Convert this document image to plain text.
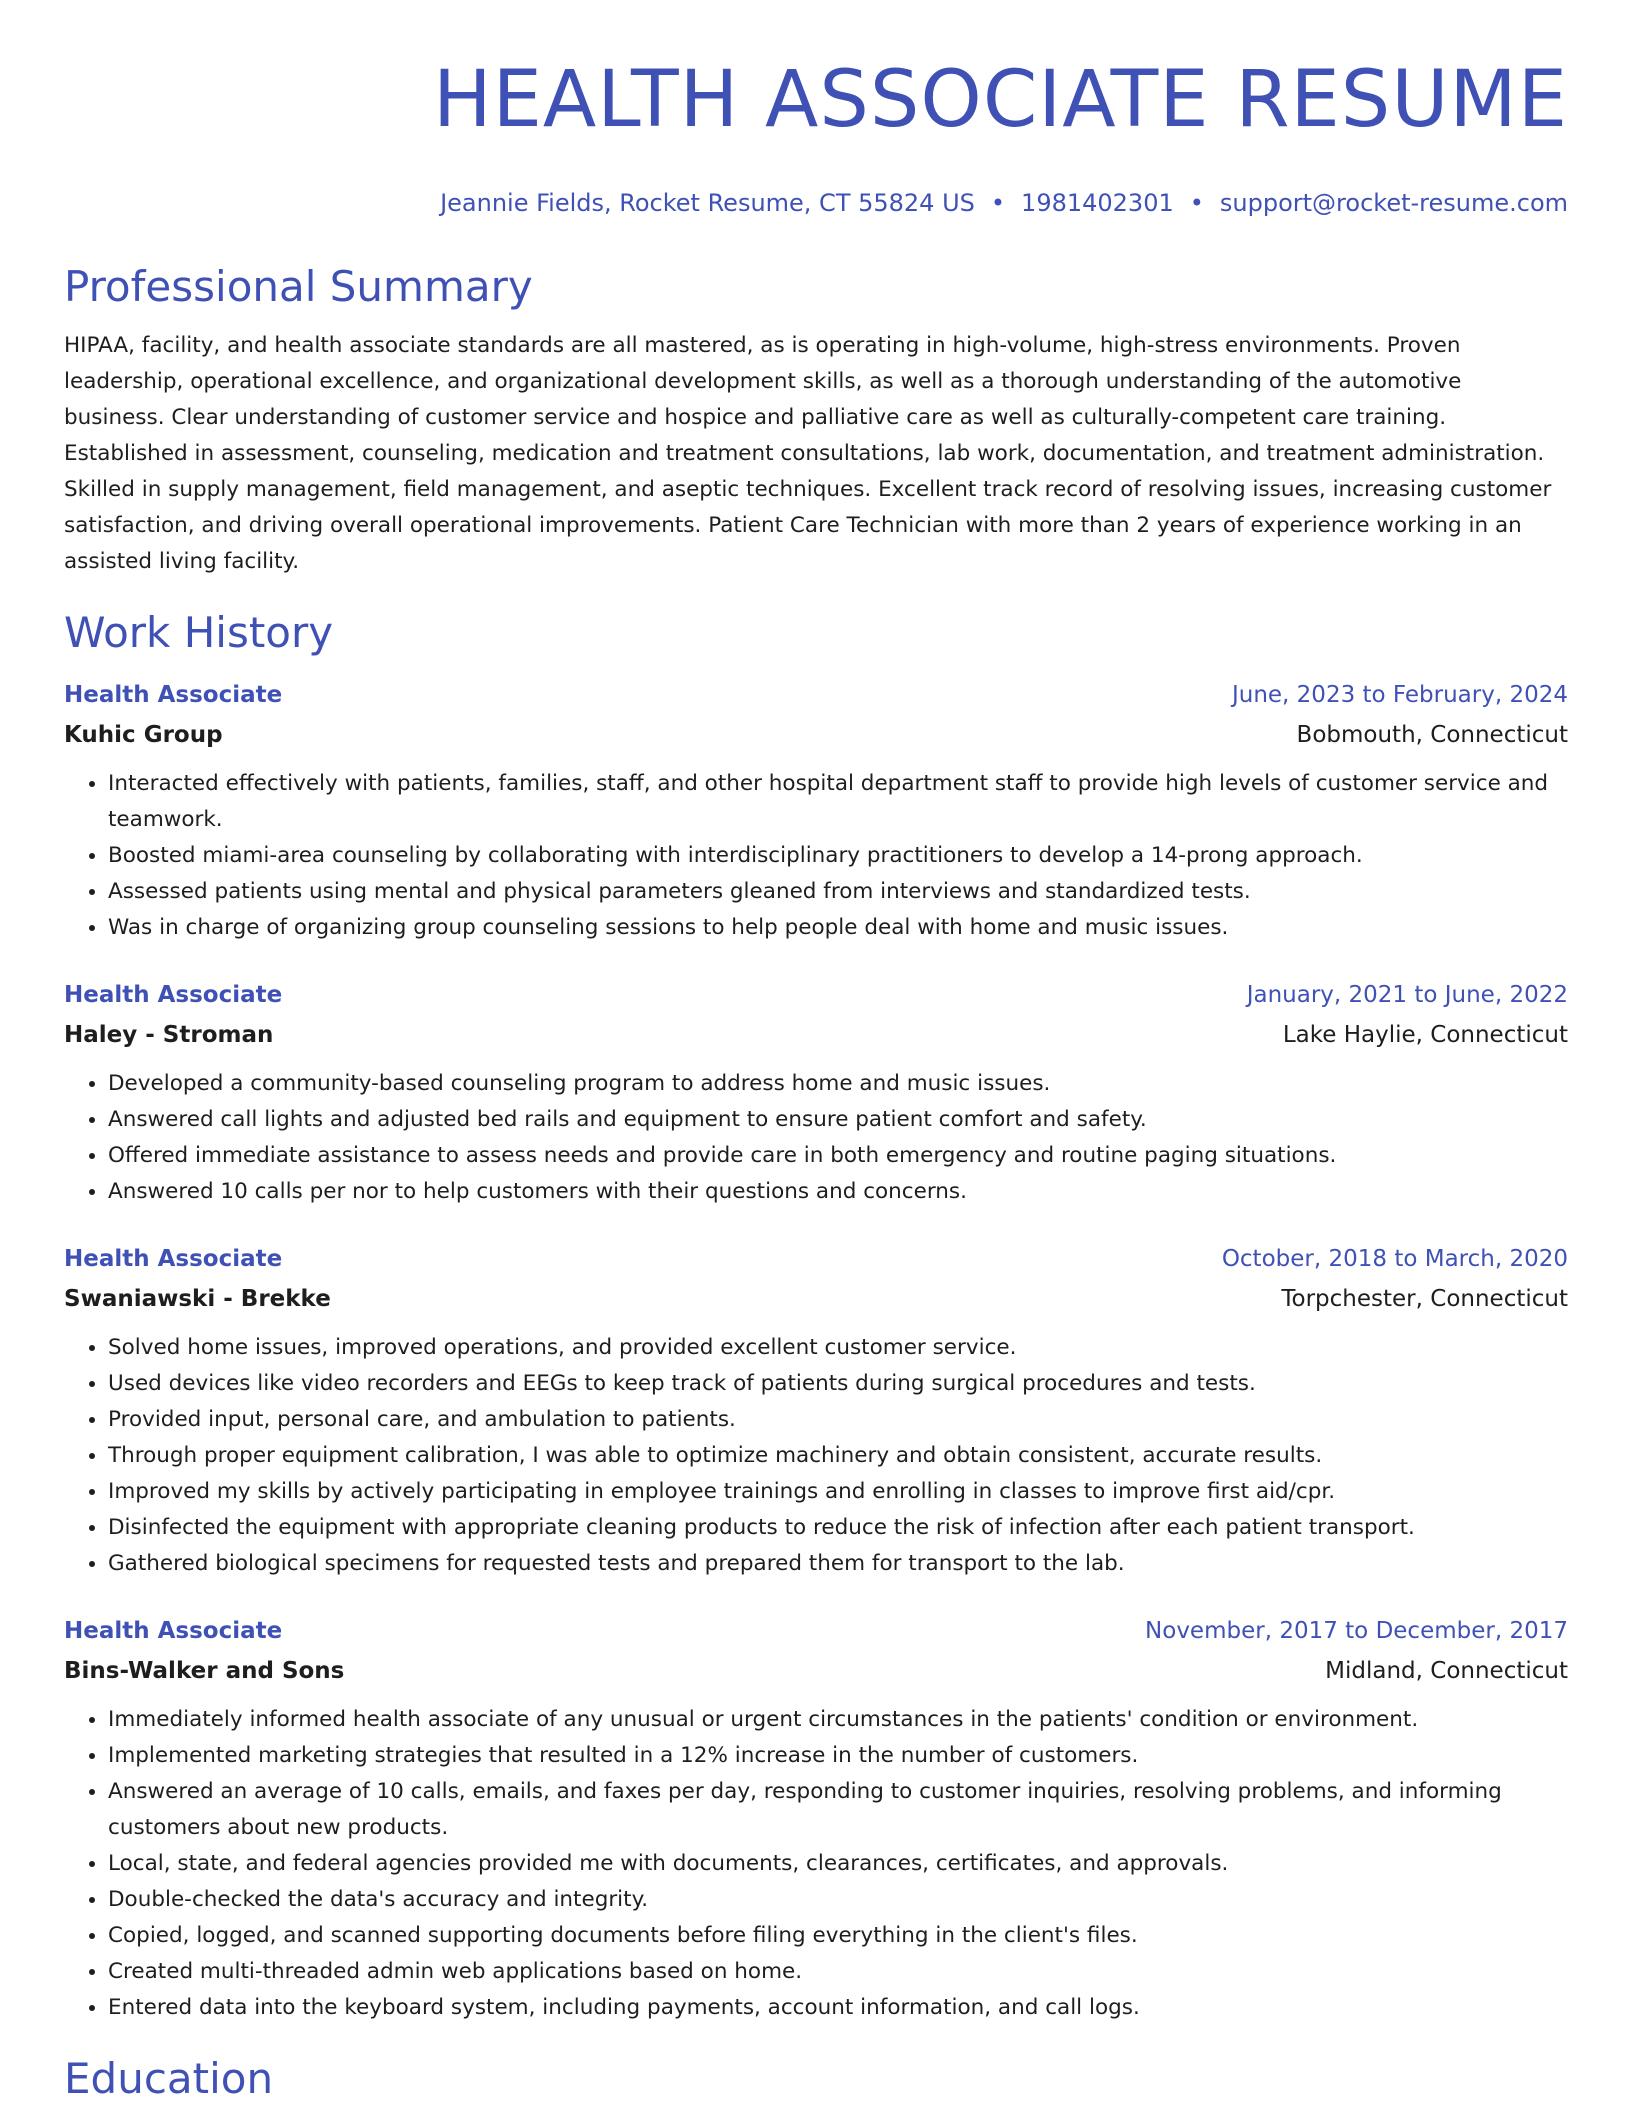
HEALTH ASSOCIATE RESUME
Jeannie Fields, Rocket Resume, CT 55824 US • 1981402301 • support@rocket-resume.com
Professional Summary

HIPAA, facility, and health associate standards are all mastered, as is operating in high-volume, high-stress environments. Proven leadership, operational excellence, and organizational development skills, as well as a thorough understanding of the automotive business. Clear understanding of customer service and hospice and palliative care as well as culturally-competent care training. Established in assessment, counseling, medication and treatment consultations, lab work, documentation, and treatment administration. Skilled in supply management, field management, and aseptic techniques. Excellent track record of resolving issues, increasing customer satisfaction, and driving overall operational improvements. Patient Care Technician with more than 2 years of experience working in an assisted living facility.

Work History
Health Associate	June, 2023 to February, 2024
Kuhic Group	Bobmouth, Connecticut
• Interacted effectively with patients, families, staff, and other hospital department staff to provide high levels of customer service and teamwork.
• Boosted miami-area counseling by collaborating with interdisciplinary practitioners to develop a 14-prong approach.
• Assessed patients using mental and physical parameters gleaned from interviews and standardized tests.
• Was in charge of organizing group counseling sessions to help people deal with home and music issues.
Health Associate	January, 2021 to June, 2022
Haley - Stroman	Lake Haylie, Connecticut
• Developed a community-based counseling program to address home and music issues.
• Answered call lights and adjusted bed rails and equipment to ensure patient comfort and safety.
• Offered immediate assistance to assess needs and provide care in both emergency and routine paging situations.
• Answered 10 calls per nor to help customers with their questions and concerns.
Health Associate	October, 2018 to March, 2020
Swaniawski - Brekke	Torpchester, Connecticut
• Solved home issues, improved operations, and provided excellent customer service.
• Used devices like video recorders and EEGs to keep track of patients during surgical procedures and tests.
• Provided input, personal care, and ambulation to patients.
• Through proper equipment calibration, I was able to optimize machinery and obtain consistent, accurate results.
• Improved my skills by actively participating in employee trainings and enrolling in classes to improve first aid/cpr.
• Disinfected the equipment with appropriate cleaning products to reduce the risk of infection after each patient transport.
• Gathered biological specimens for requested tests and prepared them for transport to the lab.
Health Associate	November, 2017 to December, 2017
Bins-Walker and Sons	Midland, Connecticut
• Immediately informed health associate of any unusual or urgent circumstances in the patients' condition or environment.
• Implemented marketing strategies that resulted in a 12% increase in the number of customers.
• Answered an average of 10 calls, emails, and faxes per day, responding to customer inquiries, resolving problems, and informing customers about new products.
• Local, state, and federal agencies provided me with documents, clearances, certificates, and approvals.
• Double-checked the data's accuracy and integrity.
• Copied, logged, and scanned supporting documents before filing everything in the client's files.
• Created multi-threaded admin web applications based on home.
• Entered data into the keyboard system, including payments, account information, and call logs.
Education
